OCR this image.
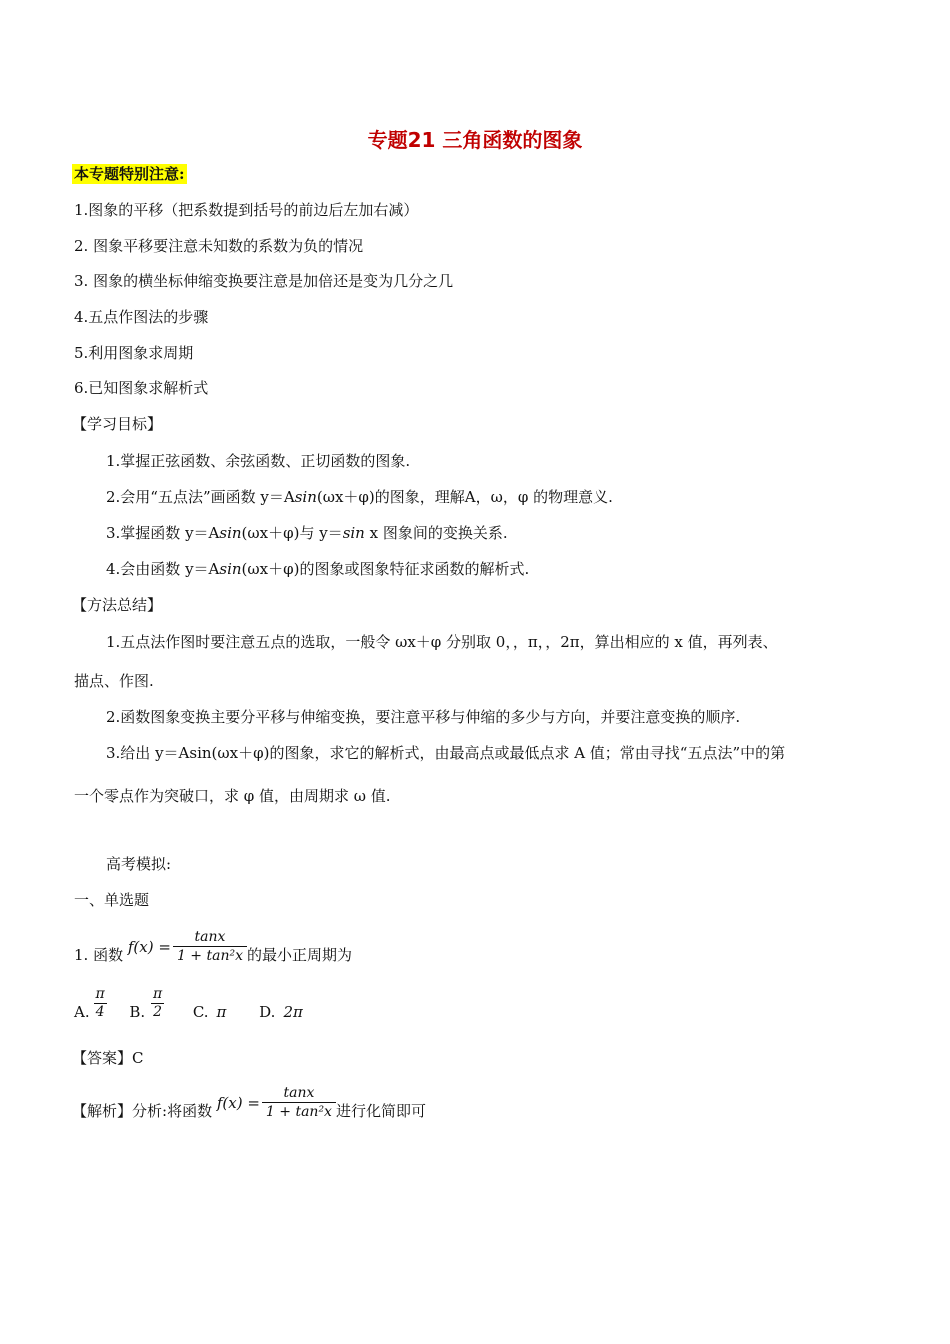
专题21 三角函数的图象
本专题特别注意:
1.图象的平移（把系数提到括号的前边后左加右减）
2. 图象平移要注意未知数的系数为负的情况
3. 图象的横坐标伸缩变换要注意是加倍还是变为几分之几
4.五点作图法的步骤
5.利用图象求周期
6.已知图象求解析式
【学习目标】
1.掌握正弦函数、余弦函数、正切函数的图象.
2.会用“五点法”画函数 y＝Asin(ωx＋φ)的图象，理解A，ω，φ 的物理意义.
3.掌握函数 y＝Asin(ωx＋φ)与 y＝sin x 图象间的变换关系.
4.会由函数 y＝Asin(ωx＋φ)的图象或图象特征求函数的解析式.
【方法总结】
1.五点法作图时要注意五点的选取，一般令 ωx＋φ 分别取 0，，π，，2π，算出相应的 x 值，再列表、
描点、作图.
2.函数图象变换主要分平移与伸缩变换，要注意平移与伸缩的多少与方向，并要注意变换的顺序.
3.给出 y＝Asin(ωx＋φ)的图象，求它的解析式，由最高点或最低点求 A 值；常由寻找“五点法”中的第
一个零点作为突破口，求 φ 值，由周期求 ω 值.
高考模拟:
一、单选题
1. 函数 $f(x) = \frac{\tan x}{\text{1 + tan²x}}$ 的最小正周期为
A. $\frac{\pi}{4}$
B. $\frac{\pi}{2}$
C. π
D. 2π
【答案】C
【解析】分析:将函数 $f(x) = \frac{\tan x}{\text{1 + tan²x}}$ 进行化简即可
